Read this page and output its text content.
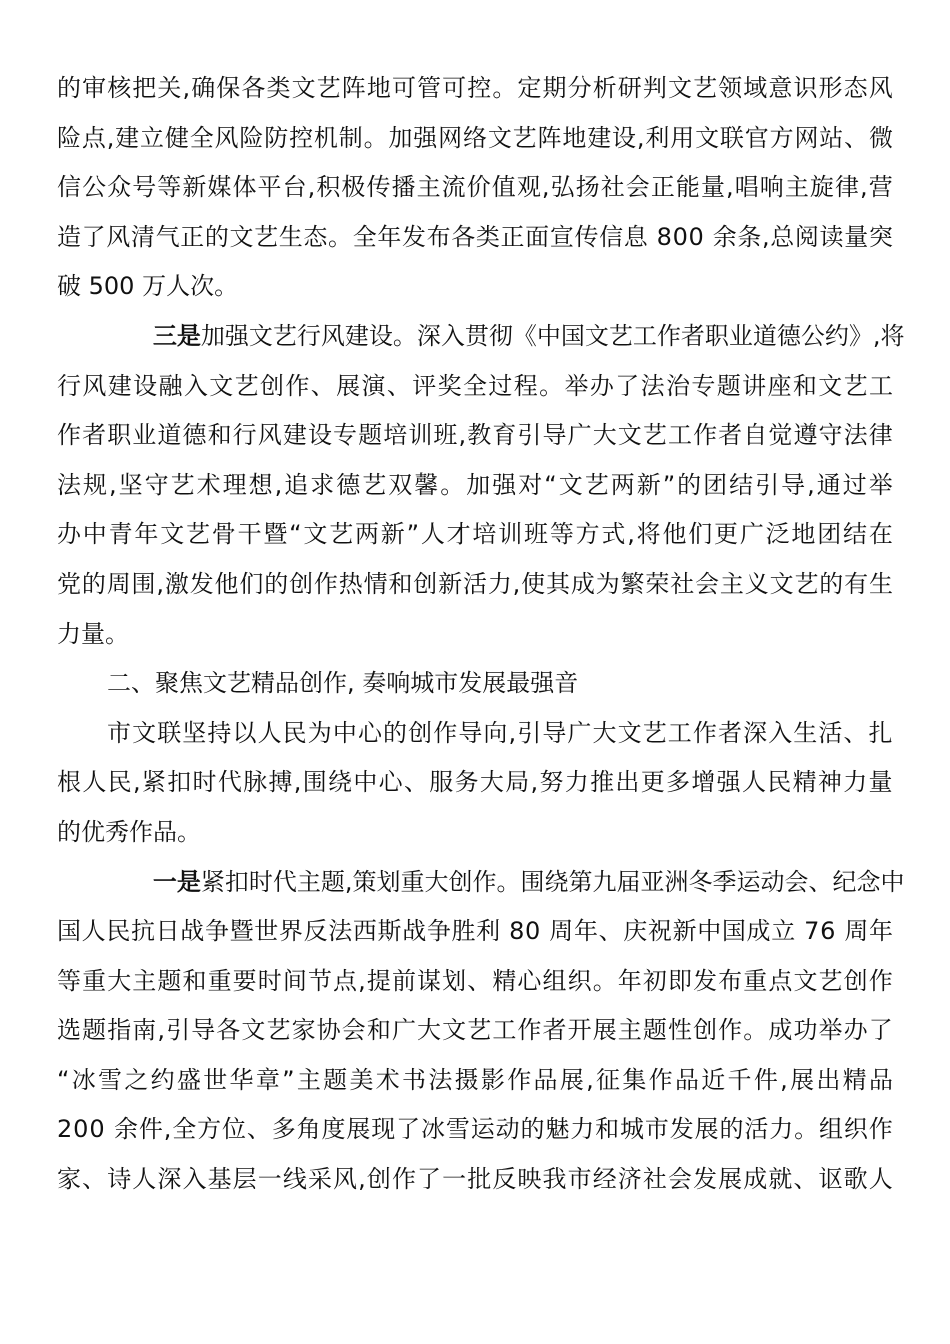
的 审 核 把 关 , 确 保 各 类 文 艺 阵 地 可 管 可 控 。 定 期 分 析 研 判 文 艺 领 域 意 识 形 态 风
险 点 , 建 立 健 全 风 险 防 控 机 制 。 加 强 网 络 文 艺 阵 地 建 设 , 利 用 文 联 官 方 网 站 、 微
信 公 众 号 等 新 媒 体 平 台 , 积 极 传 播 主 流 价 值 观 , 弘 扬 社 会 正 能 量 , 唱 响 主 旋 律 , 营
造 了 风 清 气 正 的 文 艺 生 态 。 全 年 发 布 各 类 正 面 宣 传 信 息
8 0 0
余 条 , 总 阅 读 量 突
破 500 万人次。

三 是 加 强 文 艺 行 风 建 设 。 深 入 贯 彻 《 中 国 文 艺 工 作 者 职 业 道 德 公 约 》 , 将

行 风 建 设 融 入 文 艺 创 作 、 展 演 、 评 奖 全 过 程 。 举 办 了 法 治 专 题 讲 座 和 文 艺 工
作 者 职 业 道 德 和 行 风 建 设 专 题 培 训 班 , 教 育 引 导 广 大 文 艺 工 作 者 自 觉 遵 守 法 律
法 规 , 坚 守 艺 术 理 想 , 追 求 德 艺 双 馨 。 加 强 对 “ 文 艺 两 新 ” 的 团 结 引 导 , 通 过 举
办 中 青 年 文 艺 骨 干 暨 “ 文 艺 两 新 ” 人 才 培 训 班 等 方 式 , 将 他 们 更 广 泛 地 团 结 在
党 的 周 围 , 激 发 他 们 的 创 作 热 情 和 创 新 活 力 , 使 其 成 为 繁 荣 社 会 主 义 文 艺 的 有 生
力量。
二、聚焦文艺精品创作, 奏响城市发展最强音
市 文 联 坚 持 以 人 民 为 中 心 的 创 作 导 向 , 引 导 广 大 文 艺 工 作 者 深 入 生 活 、 扎
根 人 民 , 紧 扣 时 代 脉 搏 , 围 绕 中 心 、 服 务 大 局 , 努 力 推 出 更 多 增 强 人 民 精 神 力 量
的优秀作品。

一 是 紧 扣 时 代 主 题 , 策 划 重 大 创 作 。 围 绕 第 九 届 亚 洲 冬 季 运 动 会 、 纪 念 中

国 人 民 抗 日 战 争 暨 世 界 反 法 西 斯 战 争 胜 利
8 0
周 年 、 庆 祝 新 中 国 成 立
7 6
周 年
等 重 大 主 题 和 重 要 时 间 节 点 , 提 前 谋 划 、 精 心 组 织 。 年 初 即 发 布 重 点 文 艺 创 作
选 题 指 南 , 引 导 各 文 艺 家 协 会 和 广 大 文 艺 工 作 者 开 展 主 题 性 创 作 。 成 功 举 办 了
“ 冰 雪 之 约 盛 世 华 章 ” 主 题 美 术 书 法 摄 影 作 品 展 , 征 集 作 品 近 千 件 , 展 出 精 品
2 0 0
余 件 , 全 方 位 、 多 角 度 展 现 了 冰 雪 运 动 的 魅 力 和 城 市 发 展 的 活 力 。 组 织 作
家 、 诗 人 深 入 基 层 一 线 采 风 , 创 作 了 一 批 反 映 我 市 经 济 社 会 发 展 成 就 、 讴 歌 人
